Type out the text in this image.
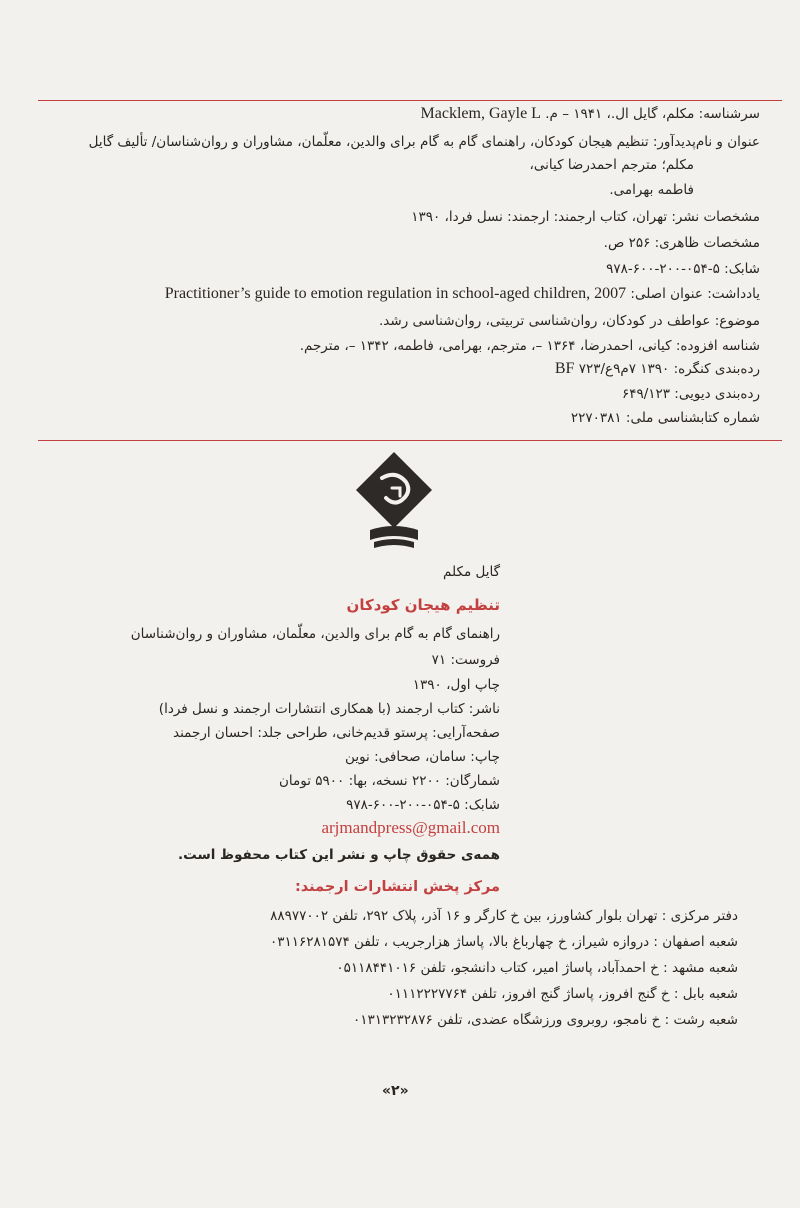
سرشناسه: مکلم، گایل ال.، ۱۹۴۱ – م. Macklem, Gayle L
عنوان و نام‌پدیدآور: تنظیم هیجان کودکان، راهنمای گام به گام برای والدین، معلّمان، مشاوران و روان‌شناسان/ تألیف گایل
مکلم؛ مترجم احمدرضا کیانی،
فاطمه بهرامی.
مشخصات نشر: تهران، کتاب ارجمند: ارجمند: نسل فردا، ۱۳۹۰
مشخصات ظاهری: ۲۵۶ ص.
شابک: ۵-۰۵۴-۲۰۰-۶۰۰-۹۷۸
یادداشت: عنوان اصلی: Practitioner’s guide to emotion regulation in school-aged children, 2007
موضوع: عواطف در کودکان، روان‌شناسی تربیتی، روان‌شناسی رشد.
شناسه افزوده: کیانی، احمدرضا، ۱۳۶۴ –، مترجم، بهرامی، فاطمه، ۱۳۴۲ –، مترجم.
رده‌بندی کنگره: ۱۳۹۰ ۷م۹ع/۷۲۳ BF
رده‌بندی دیویی: ۶۴۹/۱۲۳
شماره کتابشناسی ملی: ۲۲۷۰۳۸۱
گایل مکلم
تنظیم هیجان کودکان
راهنمای گام به گام برای والدین، معلّمان، مشاوران و روان‌شناسان
فروست: ۷۱
چاپ اول، ۱۳۹۰
ناشر: کتاب ارجمند (با همکاری انتشارات ارجمند و نسل فردا)
صفحه‌آرایی: پرستو قدیم‌خانی، طراحی جلد: احسان ارجمند
چاپ: سامان، صحافی: نوین
شمارگان: ۲۲۰۰ نسخه، بها: ۵۹۰۰ تومان
شابک: ۵-۰۵۴-۲۰۰-۶۰۰-۹۷۸
arjmandpress@gmail.com
همه‌ی حقوق چاپ و نشر این کتاب محفوظ است.
مرکز پخش انتشارات ارجمند:
دفتر مرکزی : تهران بلوار کشاورز، بین خ کارگر و ۱۶ آذر، پلاک ۲۹۲، تلفن ۸۸۹۷۷۰۰۲
شعبه اصفهان : دروازه شیراز، خ چهارباغ بالا، پاساژ هزارجریب ، تلفن ۰۳۱۱۶۲۸۱۵۷۴
شعبه مشهد : خ احمدآباد، پاساژ امیر، کتاب دانشجو، تلفن ۰۵۱۱۸۴۴۱۰۱۶
شعبه بابل : خ گنج افروز، پاساژ گنج افروز، تلفن ۰۱۱۱۲۲۲۷۷۶۴
شعبه رشت : خ نامجو، روبروی ورزشگاه عضدی، تلفن ۰۱۳۱۳۲۳۲۸۷۶
«۲»
